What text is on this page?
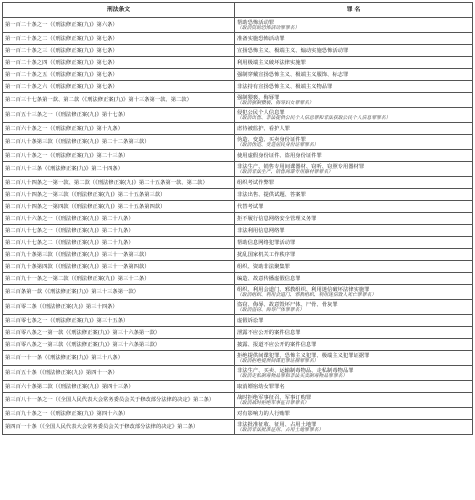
刑法条文	罪 名
第一百二十条之一（《刑法修正案(九)》第六条）	帮助恐怖活动罪
（取消资助恐怖活动罪罪名）

第一百二十条之二（《刑法修正案(九)》第七条）	准备实施恐怖活动罪
第一百二十条之三（《刑法修正案(九)》第七条）	宣扬恐怖主义、极端主义、煽动实施恐怖活动罪
第一百二十条之四（《刑法修正案(九)》第七条）	利用极端主义破坏法律实施罪
第一百二十条之五（《刑法修正案(九)》第七条）	强制穿戴宣扬恐怖主义、极端主义服饰、标志罪
第一百二十条之六（《刑法修正案(九)》第七条）	非法持有宣扬恐怖主义、极端主义物品罪
第二百三十七条第一款、第二款（《刑法修正案(九)》第十三条第一款、第二款）	强制猥亵、侮辱罪
（取消强制猥亵、侮辱妇女罪罪名）

第二百五十三条之一（《刑法修正案(九)》第十七条）	侵犯公民个人信息罪
（取消出售、非法提供公民个人信息罪和非法获取公民个人信息罪罪名）

第二百六十条之一（《刑法修正案(九)》第十九条）	虐待被监护、看护人罪
第二百八十条第三款（《刑法修正案(九)》第二十二条第三款）	伪造、变造、买卖身份证件罪
（取消伪造、变造居民身份证罪罪名）

第二百八十条之一（《刑法修正案(九)》第二十三条）	使用虚假身份证件、盗用身份证件罪
第二百八十三条（《刑法修正案(九)》第二十四条）	非法生产、销售专用间谍器材、窃听、窃照专用器材罪
（取消非法生产、销售间谍专用器材罪罪名）

第二百八十四条之一第一款、第二款（《刑法修正案(九)》第二十五条第一款、第二款）	组织考试作弊罪
第二百八十四条之一第三款（《刑法修正案(九)》第二十五条第三款）	非法出售、提供试题、答案罪
第二百八十四条之一第四款（《刑法修正案(九)》第二十五条第四款）	代替考试罪
第二百八十六条之一（《刑法修正案(九)》第二十八条）	拒不履行信息网络安全管理义务罪
第二百八十七条之一（《刑法修正案(九)》第二十九条）	非法利用信息网络罪
第二百八十七条之二（《刑法修正案(九)》第二十九条）	帮助信息网络犯罪活动罪
第二百九十条第三款（《刑法修正案(九)》第三十一条第三款）	扰乱国家机关工作秩序罪
第二百九十条第四款（《刑法修正案(九)》第三十一条第四款）	组织、资助非法聚集罪
第二百九十一条之一第二款（《刑法修正案(九)》第三十二条）	编造、故意传播虚假信息罪
第三百条第一款（《刑法修正案(九)》第三十三条第一款）	组织、利用会道门、邪教组织、利用迷信破坏法律实施罪
（取消组织、利用会道门、邪教组织、利用迷信致人死亡罪罪名）

第三百零二条（《刑法修正案(九)》第三十四条）	盗窃、侮辱、故意毁坏尸体、尸骨、骨灰罪
（取消盗窃、侮辱尸体罪罪名）

第三百零七条之一（《刑法修正案(九)》第三十五条）	虚假诉讼罪
第三百零八条之一第一款（《刑法修正案(九)》第三十六条第一款）	泄露不应公开的案件信息罪
第三百零八条之一第三款（《刑法修正案(九)》第三十六条第三款）	披露、报道不应公开的案件信息罪
第三百一十一条（《刑法修正案(九)》第三十八条）	拒绝提供间谍犯罪、恐怖主义犯罪、极端主义犯罪证据罪
（取消拒绝提供间谍犯罪证据罪罪名）

第三百五十条（《刑法修正案(九)》第四十一条）	非法生产、买卖、运输制毒物品、走私制毒物品罪
（取消走私制毒物品罪和非法买卖制毒物品罪罪名）

第三百六十条第二款（《刑法修正案(九)》第四十三条）	取消嫖宿幼女罪罪名
第三百八十一条之一（《全国人民代表大会常务委员会关于修改部分法律的决定》第二条）	战时拒绝军事征召、军事订购罪
（取消战时拒绝军事征召罪罪名）

第三百九十条之一（《刑法修正案(九)》第四十六条）	对有影响力的人行贿罪
第四百一十条（《全国人民代表大会常务委员会关于修改部分法律的决定》第二条）	非法批准征收、征用、占用土地罪
（取消非法批准征用、占用土地罪罪名）
